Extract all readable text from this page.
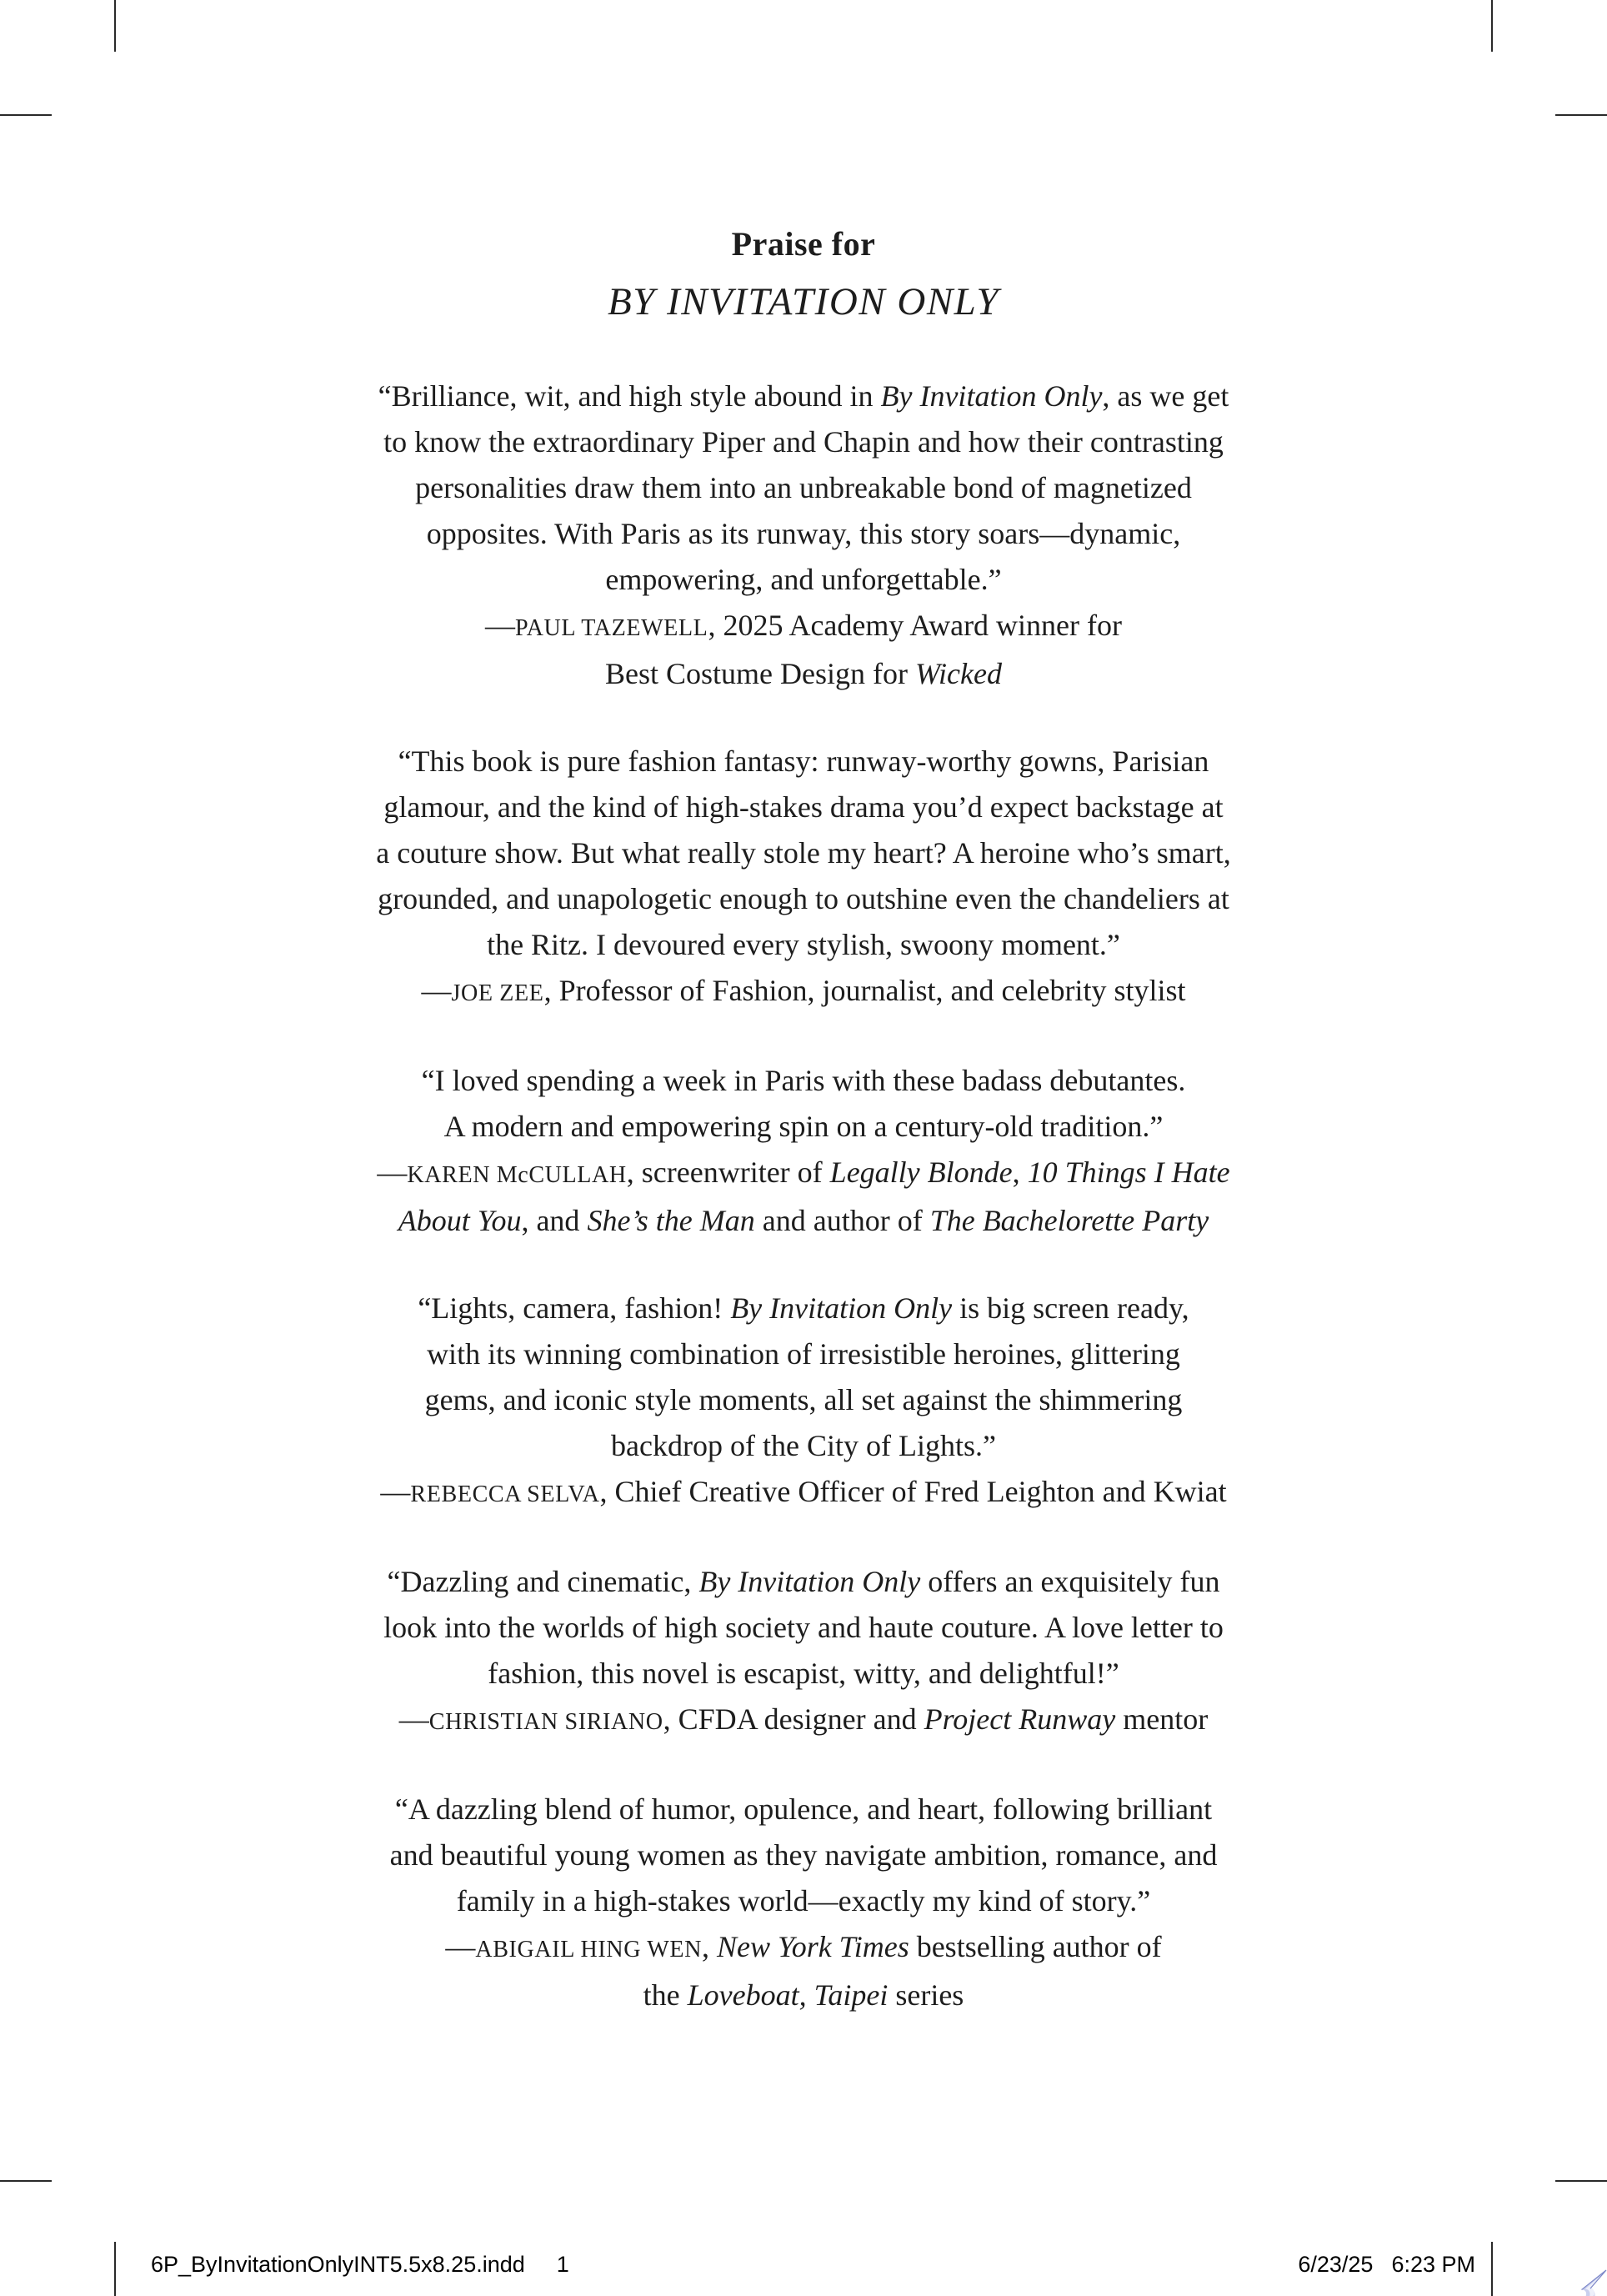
Praise for
BY INVITATION ONLY
“Brilliance, wit, and high style abound in By Invitation Only, as we get
to know the extraordinary Piper and Chapin and how their contrasting
personalities draw them into an unbreakable bond of magnetized
opposites. With Paris as its runway, this story soars—dynamic,
empowering, and unforgettable.”
—PAUL TAZEWELL, 2025 Academy Award winner for
Best Costume Design for Wicked
“This book is pure fashion fantasy: runway-worthy gowns, Parisian
glamour, and the kind of high-stakes drama you’d expect backstage at
a couture show. But what really stole my heart? A heroine who’s smart,
grounded, and unapologetic enough to outshine even the chandeliers at
the Ritz. I devoured every stylish, swoony moment.”
—JOE ZEE, Professor of Fashion, journalist, and celebrity stylist
“I loved spending a week in Paris with these badass debutantes.
A modern and empowering spin on a century-old tradition.”
—KAREN McCULLAH, screenwriter of Legally Blonde, 10 Things I Hate
About You, and She’s the Man and author of The Bachelorette Party
“Lights, camera, fashion! By Invitation Only is big screen ready,
with its winning combination of irresistible heroines, glittering
gems, and iconic style moments, all set against the shimmering
backdrop of the City of Lights.”
—REBECCA SELVA, Chief Creative Officer of Fred Leighton and Kwiat
“Dazzling and cinematic, By Invitation Only offers an exquisitely fun
look into the worlds of high society and haute couture. A love letter to
fashion, this novel is escapist, witty, and delightful!”
—CHRISTIAN SIRIANO, CFDA designer and Project Runway mentor
“A dazzling blend of humor, opulence, and heart, following brilliant
and beautiful young women as they navigate ambition, romance, and
family in a high-stakes world—exactly my kind of story.”
—ABIGAIL HING WEN, New York Times bestselling author of
the Loveboat, Taipei series
6P_ByInvitationOnlyINT5.5x8.25.indd 1	6/23/25 6:23 PM
